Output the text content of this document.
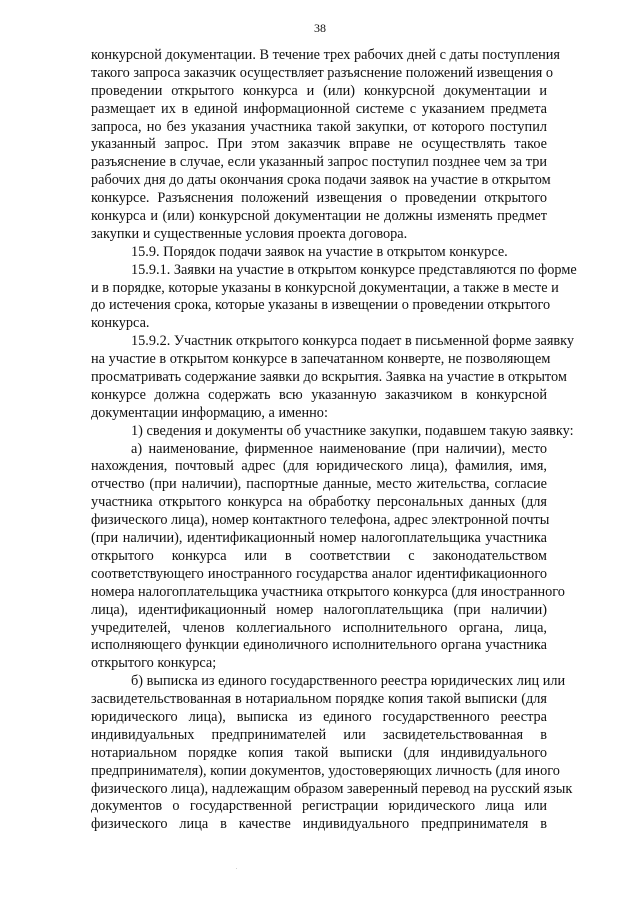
38
конкурсной документации. В течение трех рабочих дней с даты поступления
такого запроса заказчик осуществляет разъяснение положений извещения о
проведении открытого конкурса и (или) конкурсной документации и
размещает их в единой информационной системе с указанием предмета
запроса, но без указания участника такой закупки, от которого поступил
указанный запрос. При этом заказчик вправе не осуществлять такое
разъяснение в случае, если указанный запрос поступил позднее чем за три
рабочих дня до даты окончания срока подачи заявок на участие в открытом
конкурсе. Разъяснения положений извещения о проведении открытого
конкурса и (или) конкурсной документации не должны изменять предмет
закупки и существенные условия проекта договора.
15.9. Порядок подачи заявок на участие в открытом конкурсе.
15.9.1. Заявки на участие в открытом конкурсе представляются по форме
и в порядке, которые указаны в конкурсной документации, а также в месте и
до истечения срока, которые указаны в извещении о проведении открытого
конкурса.
15.9.2. Участник открытого конкурса подает в письменной форме заявку
на участие в открытом конкурсе в запечатанном конверте, не позволяющем
просматривать содержание заявки до вскрытия. Заявка на участие в открытом
конкурсе должна содержать всю указанную заказчиком в конкурсной
документации информацию, а именно:
1) сведения и документы об участнике закупки, подавшем такую заявку:
а) наименование, фирменное наименование (при наличии), место
нахождения, почтовый адрес (для юридического лица), фамилия, имя,
отчество (при наличии), паспортные данные, место жительства, согласие
участника открытого конкурса на обработку персональных данных (для
физического лица), номер контактного телефона, адрес электронной почты
(при наличии), идентификационный номер налогоплательщика участника
открытого конкурса или в соответствии с законодательством
соответствующего иностранного государства аналог идентификационного
номера налогоплательщика участника открытого конкурса (для иностранного
лица), идентификационный номер налогоплательщика (при наличии)
учредителей, членов коллегиального исполнительного органа, лица,
исполняющего функции единоличного исполнительного органа участника
открытого конкурса;
б) выписка из единого государственного реестра юридических лиц или
засвидетельствованная в нотариальном порядке копия такой выписки (для
юридического лица), выписка из единого государственного реестра
индивидуальных предпринимателей или засвидетельствованная в
нотариальном порядке копия такой выписки (для индивидуального
предпринимателя), копии документов, удостоверяющих личность (для иного
физического лица), надлежащим образом заверенный перевод на русский язык
документов о государственной регистрации юридического лица или
физического лица в качестве индивидуального предпринимателя в
